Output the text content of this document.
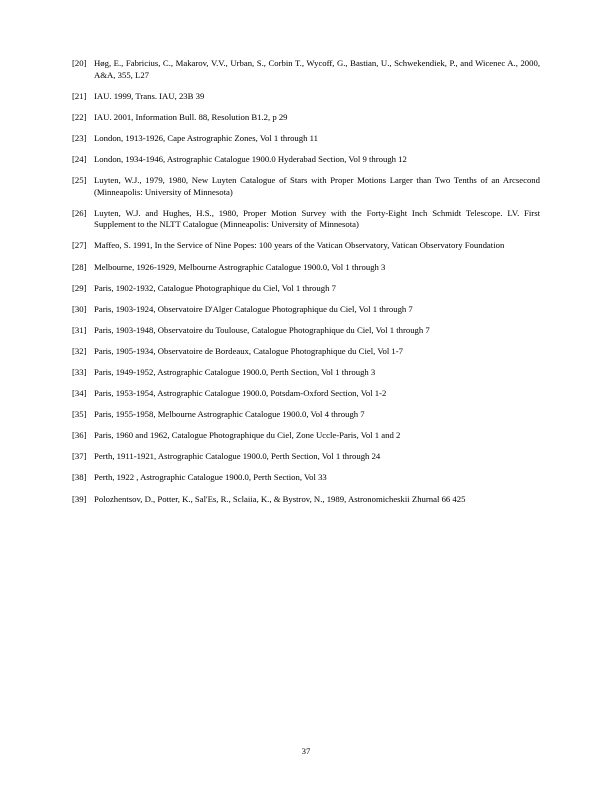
[20] Høg, E., Fabricius, C., Makarov, V.V., Urban, S., Corbin T., Wycoff, G., Bastian, U., Schwekendiek, P., and Wicenec A., 2000, A&A, 355, L27
[21] IAU. 1999, Trans. IAU, 23B 39
[22] IAU. 2001, Information Bull. 88, Resolution B1.2, p 29
[23] London, 1913-1926, Cape Astrographic Zones, Vol 1 through 11
[24] London, 1934-1946, Astrographic Catalogue 1900.0 Hyderabad Section, Vol 9 through 12
[25] Luyten, W.J., 1979, 1980, New Luyten Catalogue of Stars with Proper Motions Larger than Two Tenths of an Arcsecond (Minneapolis: University of Minnesota)
[26] Luyten, W.J. and Hughes, H.S., 1980, Proper Motion Survey with the Forty-Eight Inch Schmidt Telescope. LV. First Supplement to the NLTT Catalogue (Minneapolis: University of Minnesota)
[27] Maffeo, S. 1991, In the Service of Nine Popes: 100 years of the Vatican Observatory, Vatican Observatory Foundation
[28] Melbourne, 1926-1929, Melbourne Astrographic Catalogue 1900.0, Vol 1 through 3
[29] Paris, 1902-1932, Catalogue Photographique du Ciel, Vol 1 through 7
[30] Paris, 1903-1924, Observatoire D'Alger Catalogue Photographique du Ciel, Vol 1 through 7
[31] Paris, 1903-1948, Observatoire du Toulouse, Catalogue Photographique du Ciel, Vol 1 through 7
[32] Paris, 1905-1934, Observatoire de Bordeaux, Catalogue Photographique du Ciel, Vol 1-7
[33] Paris, 1949-1952, Astrographic Catalogue 1900.0, Perth Section, Vol 1 through 3
[34] Paris, 1953-1954, Astrographic Catalogue 1900.0, Potsdam-Oxford Section, Vol 1-2
[35] Paris, 1955-1958, Melbourne Astrographic Catalogue 1900.0, Vol 4 through 7
[36] Paris, 1960 and 1962, Catalogue Photographique du Ciel, Zone Uccle-Paris, Vol 1 and 2
[37] Perth, 1911-1921, Astrographic Catalogue 1900.0, Perth Section, Vol 1 through 24
[38] Perth, 1922 , Astrographic Catalogue 1900.0, Perth Section, Vol 33
[39] Polozhentsov, D., Potter, K., Sal'Es, R., Sclaiia, K., & Bystrov, N., 1989, Astronomicheskii Zhurnal 66 425
37
